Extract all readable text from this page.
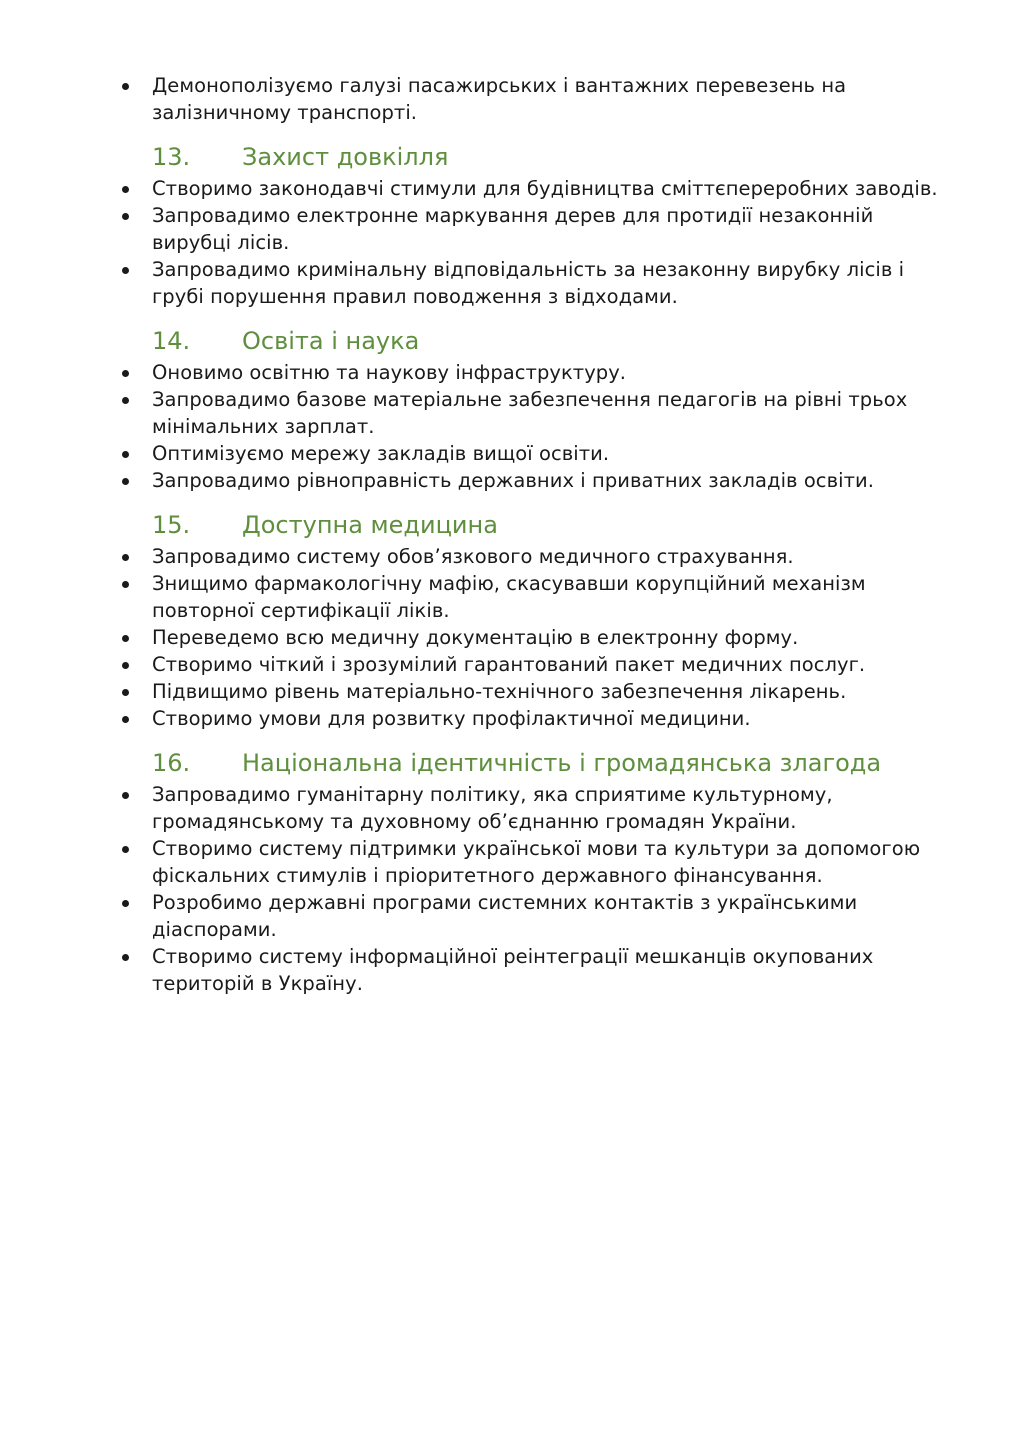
Демонополізуємо галузі пасажирських і вантажних перевезень на залізничному транспорті.
13.	Захист довкілля
Створимо законодавчі стимули для будівництва сміттєпереробних заводів.
Запровадимо електронне маркування дерев для протидії незаконній вирубці лісів.
Запровадимо кримінальну відповідальність за незаконну вирубку лісів і грубі порушення правил поводження з відходами.
14.	Освіта і наука
Оновимо освітню та наукову інфраструктуру.
Запровадимо базове матеріальне забезпечення педагогів на рівні трьох мінімальних зарплат.
Оптимізуємо мережу закладів вищої освіти.
Запровадимо рівноправність державних і приватних закладів освіти.
15.	Доступна медицина
Запровадимо систему обов’язкового медичного страхування.
Знищимо фармакологічну мафію, скасувавши корупційний механізм повторної сертифікації ліків.
Переведемо всю медичну документацію в електронну форму.
Створимо чіткий і зрозумілий гарантований пакет медичних послуг.
Підвищимо рівень матеріально-технічного забезпечення лікарень.
Створимо умови для розвитку профілактичної медицини.
16.	Національна ідентичність і громадянська злагода
Запровадимо гуманітарну політику, яка сприятиме культурному, громадянському та духовному об’єднанню громадян України.
Створимо систему підтримки української мови та культури за допомогою фіскальних стимулів і пріоритетного державного фінансування.
Розробимо державні програми системних контактів з українськими діаспорами.
Створимо систему інформаційної реінтеграції мешканців окупованих територій в Україну.
